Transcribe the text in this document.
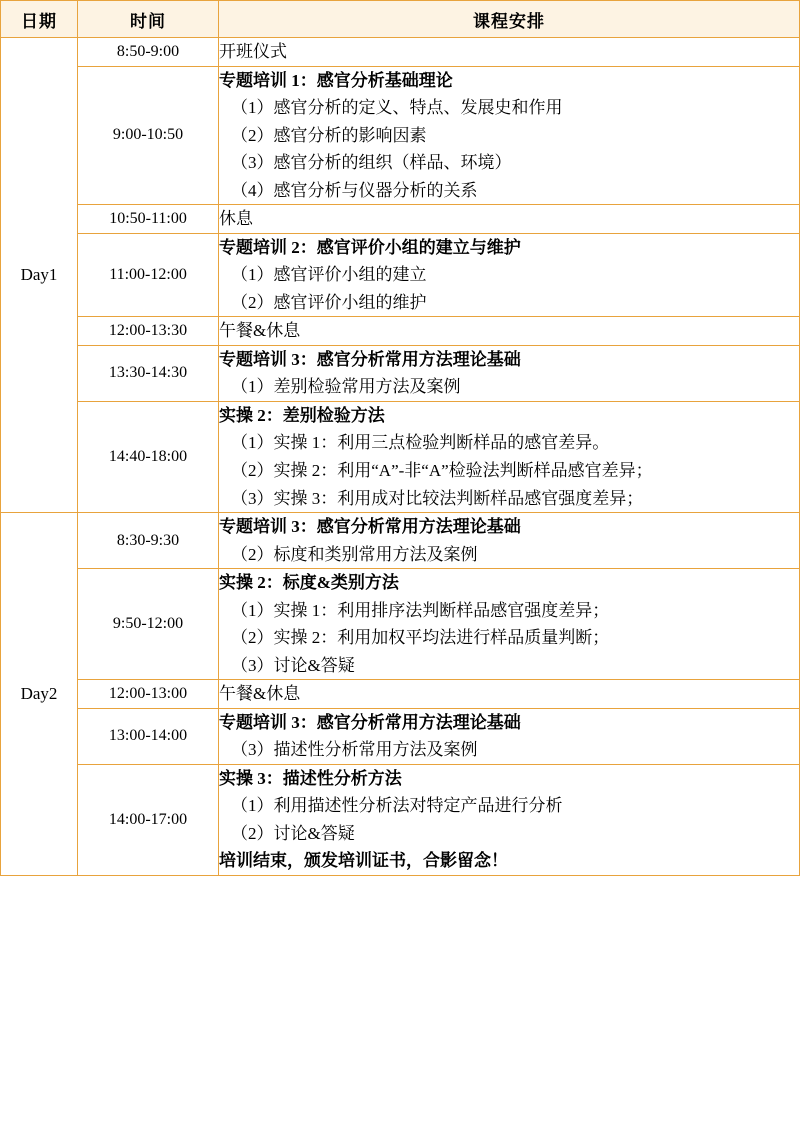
日期	时间	课程安排
Day1	8:50-9:00	开班仪式

	9:00-10:50	专题培训 1：感官分析基础理论
（1）感官分析的定义、特点、发展史和作用
（2）感官分析的影响因素
（3）感官分析的组织（样品、环境）
（4）感官分析与仪器分析的关系

	10:50-11:00	休息

	11:00-12:00	专题培训 2：感官评价小组的建立与维护
（1）感官评价小组的建立
（2）感官评价小组的维护

	12:00-13:30	午餐&休息

	13:30-14:30	专题培训 3：感官分析常用方法理论基础
（1）差别检验常用方法及案例

	14:40-18:00	实操 2：差别检验方法
（1）实操 1：利用三点检验判断样品的感官差异。
（2）实操 2：利用“A”-非“A”检验法判断样品感官差异；
（3）实操 3：利用成对比较法判断样品感官强度差异；

Day2	8:30-9:30	专题培训 3：感官分析常用方法理论基础
（2）标度和类别常用方法及案例

	9:50-12:00	实操 2：标度&类别方法
（1）实操 1：利用排序法判断样品感官强度差异；
（2）实操 2：利用加权平均法进行样品质量判断；
（3）讨论&答疑

	12:00-13:00	午餐&休息

	13:00-14:00	专题培训 3：感官分析常用方法理论基础
（3）描述性分析常用方法及案例

	14:00-17:00	实操 3：描述性分析方法
（1）利用描述性分析法对特定产品进行分析
（2）讨论&答疑
培训结束，颁发培训证书，合影留念！
